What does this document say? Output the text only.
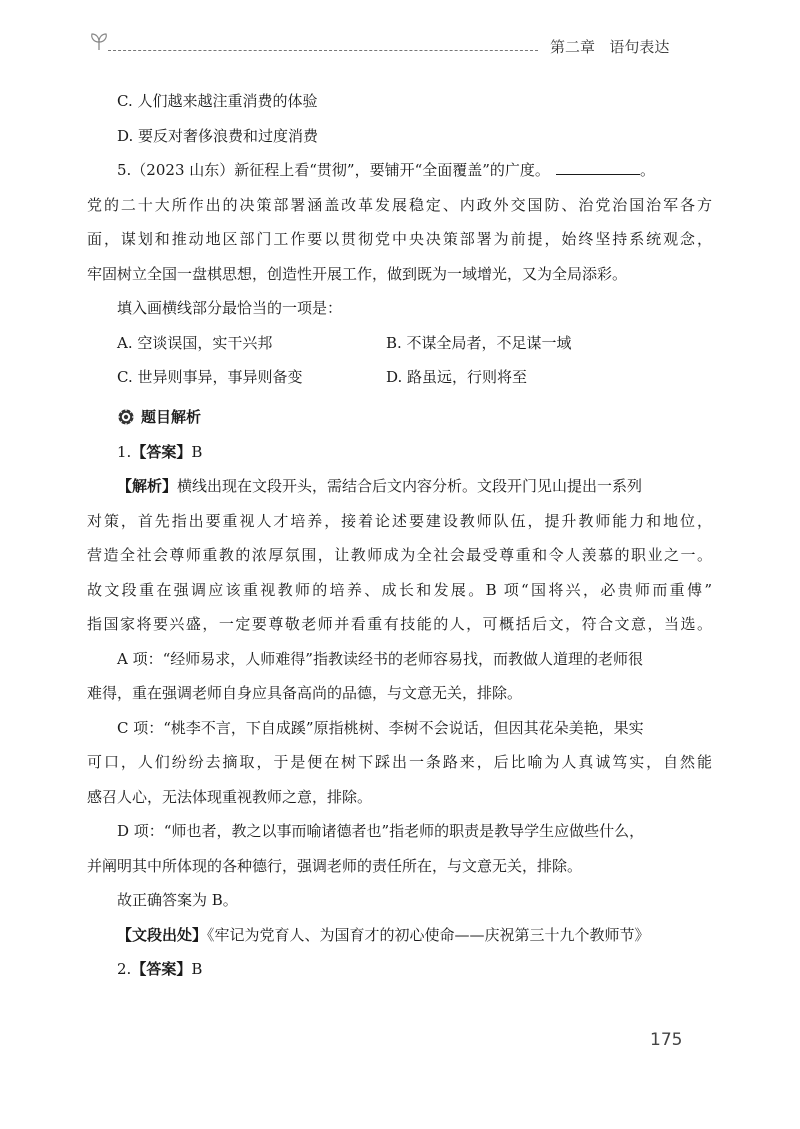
第二章 语句表达
C. 人们越来越注重消费的体验
D. 要反对奢侈浪费和过度消费
5.（2023 山东）新征程上看“贯彻”，要铺开“全面覆盖”的广度。	。
党的二十大所作出的决策部署涵盖改革发展稳定、内政外交国防、治党治国治军各方
面，谋划和推动地区部门工作要以贯彻党中央决策部署为前提，始终坚持系统观念，
牢固树立全国一盘棋思想，创造性开展工作，做到既为一域增光，又为全局添彩。
填入画横线部分最恰当的一项是：
A. 空谈误国，实干兴邦	B. 不谋全局者，不足谋一域
C. 世异则事异，事异则备变	D. 路虽远，行则将至
题目解析
1.【答案】B
【解析】横线出现在文段开头，需结合后文内容分析。文段开门见山提出一系列
对策，首先指出要重视人才培养，接着论述要建设教师队伍，提升教师能力和地位，
营造全社会尊师重教的浓厚氛围，让教师成为全社会最受尊重和令人羡慕的职业之一。
故文段重在强调应该重视教师的培养、成长和发展。B 项“国将兴，必贵师而重傅”
指国家将要兴盛，一定要尊敬老师并看重有技能的人，可概括后文，符合文意，当选。
A 项：“经师易求，人师难得”指教读经书的老师容易找，而教做人道理的老师很
难得，重在强调老师自身应具备高尚的品德，与文意无关，排除。
C 项：“桃李不言，下自成蹊”原指桃树、李树不会说话，但因其花朵美艳，果实
可口，人们纷纷去摘取，于是便在树下踩出一条路来，后比喻为人真诚笃实，自然能
感召人心，无法体现重视教师之意，排除。
D 项：“师也者，教之以事而喻诸德者也”指老师的职责是教导学生应做些什么，
并阐明其中所体现的各种德行，强调老师的责任所在，与文意无关，排除。
故正确答案为 B。
【文段出处】《牢记为党育人、为国育才的初心使命——庆祝第三十九个教师节》
2.【答案】B
175
